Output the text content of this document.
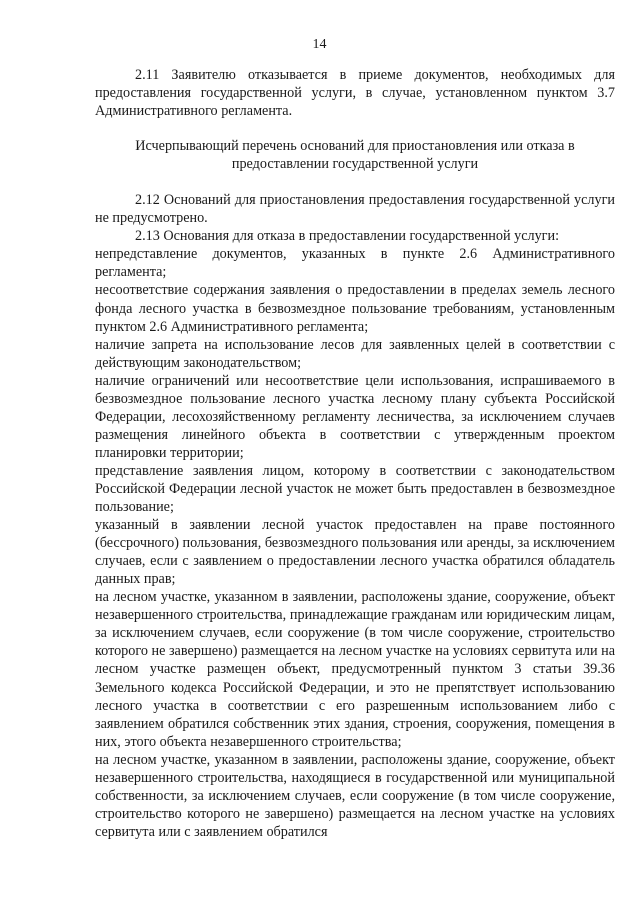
14

2.11 Заявителю отказывается в приеме документов, необходимых для предоставления государственной услуги, в случае, установленном пунктом 3.7 Административного регламента.

Исчерпывающий перечень оснований для приостановления или отказа в предоставлении государственной услуги

2.12 Оснований для приостановления предоставления государственной услуги не предусмотрено.

2.13 Основания для отказа в предоставлении государственной услуги:

непредставление документов, указанных в пункте 2.6 Административного регламента;

несоответствие содержания заявления о предоставлении в пределах земель лесного фонда лесного участка в безвозмездное пользование требованиям, установленным пунктом 2.6 Административного регламента;

наличие запрета на использование лесов для заявленных целей в соответствии с действующим законодательством;

наличие ограничений или несоответствие цели использования, испрашиваемого в безвозмездное пользование лесного участка лесному плану субъекта Российской Федерации, лесохозяйственному регламенту лесничества, за исключением случаев размещения линейного объекта в соответствии с утвержденным проектом планировки территории;

представление заявления лицом, которому в соответствии с законодательством Российской Федерации лесной участок не может быть предоставлен в безвозмездное пользование;

указанный в заявлении лесной участок предоставлен на праве постоянного (бессрочного) пользования, безвозмездного пользования или аренды, за исключением случаев, если с заявлением о предоставлении лесного участка обратился обладатель данных прав;

на лесном участке, указанном в заявлении, расположены здание, сооружение, объект незавершенного строительства, принадлежащие гражданам или юридическим лицам, за исключением случаев, если сооружение (в том числе сооружение, строительство которого не завершено) размещается на лесном участке на условиях сервитута или на лесном участке размещен объект, предусмотренный пунктом 3 статьи 39.36 Земельного кодекса Российской Федерации, и это не препятствует использованию лесного участка в соответствии с его разрешенным использованием либо с заявлением обратился собственник этих здания, строения, сооружения, помещения в них, этого объекта незавершенного строительства;

на лесном участке, указанном в заявлении, расположены здание, сооружение, объект незавершенного строительства, находящиеся в государственной или муниципальной собственности, за исключением случаев, если сооружение (в том числе сооружение, строительство которого не завершено) размещается на лесном участке на условиях сервитута или с заявлением обратился
